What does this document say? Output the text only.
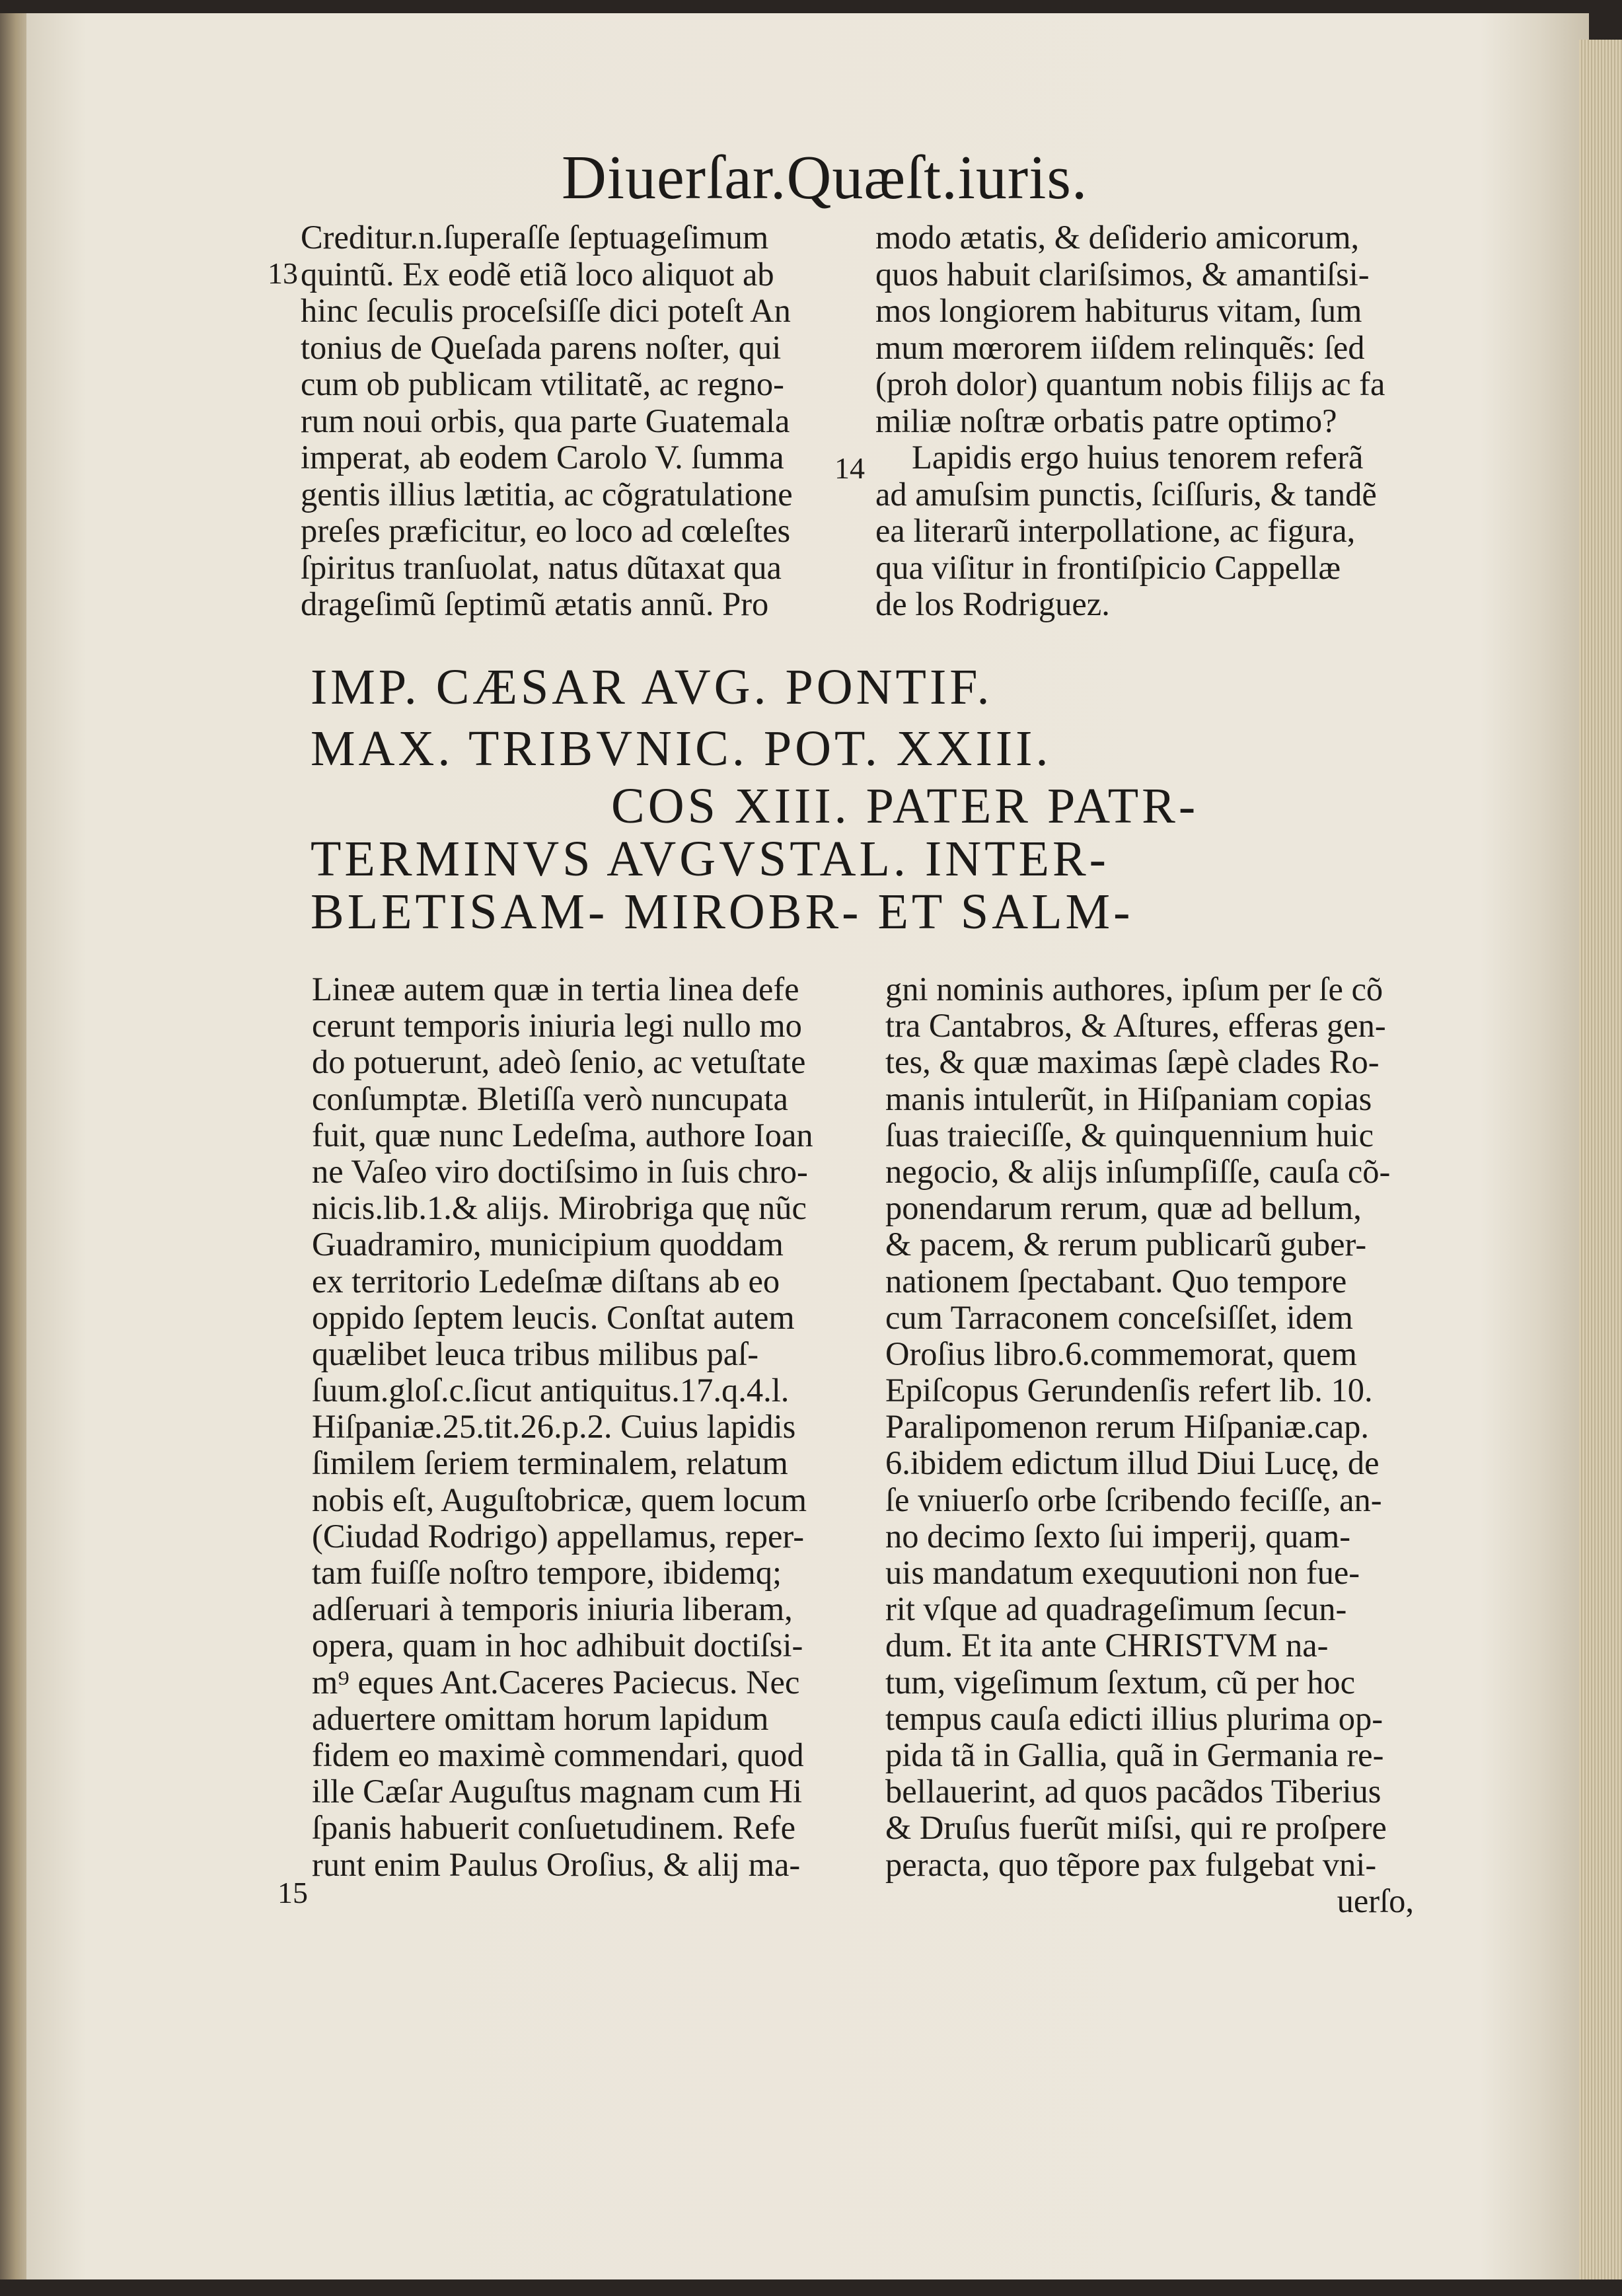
Diuerſar.Quæſt.iuris.
13
14
15
Creditur.n.ſuperaſſe ſeptuageſimum
quintũ. Ex eodẽ etiã loco aliquot ab
hinc ſeculis proceſsiſſe dici poteſt An
tonius de Queſada parens noſter, qui
cum ob publicam vtilitatẽ, ac regno-
rum noui orbis, qua parte Guatemala
imperat, ab eodem Carolo V. ſumma
gentis illius lætitia, ac cõgratulatione
preſes præficitur, eo loco ad cœleſtes
ſpiritus tranſuolat, natus dũtaxat qua
drageſimũ ſeptimũ ætatis annũ. Pro
modo ætatis, & deſiderio amicorum,
quos habuit clariſsimos, & amantiſsi-
mos longiorem habiturus vitam, ſum
mum mœrorem iiſdem relinquẽs: ſed
(proh dolor) quantum nobis filijs ac fa
miliæ noſtræ orbatis patre optimo?
Lapidis ergo huius tenorem referã
ad amuſsim punctis, ſciſſuris, & tandẽ
ea literarũ interpollatione, ac figura,
qua viſitur in frontiſpicio Cappellæ
de los Rodriguez.
IMP. CÆSAR AVG. PONTIF.
MAX. TRIBVNIC. POT. XXIII.
COS XIII. PATER PATR-
TERMINVS AVGVSTAL. INTER-
BLETISAM- MIROBR- ET SALM-
Lineæ autem quæ in tertia linea defe
cerunt temporis iniuria legi nullo mo
do potuerunt, adeò ſenio, ac vetuſtate
conſumptæ. Bletiſſa verò nuncupata
fuit, quæ nunc Ledeſma, authore Ioan
ne Vaſeo viro doctiſsimo in ſuis chro-
nicis.lib.1.& alijs. Mirobriga quę nũc
Guadramiro, municipium quoddam
ex territorio Ledeſmæ diſtans ab eo
oppido ſeptem leucis. Conſtat autem
quælibet leuca tribus milibus paſ-
ſuum.gloſ.c.ſicut antiquitus.17.q.4.l.
Hiſpaniæ.25.tit.26.p.2. Cuius lapidis
ſimilem ſeriem terminalem, relatum
nobis eſt, Auguſtobricæ, quem locum
(Ciudad Rodrigo) appellamus, reper-
tam fuiſſe noſtro tempore, ibidemq;
adſeruari à temporis iniuria liberam,
opera, quam in hoc adhibuit doctiſsi-
m⁹ eques Ant.Caceres Paciecus. Nec
aduertere omittam horum lapidum
fidem eo maximè commendari, quod
ille Cæſar Auguſtus magnam cum Hi
ſpanis habuerit conſuetudinem. Refe
runt enim Paulus Oroſius, & alij ma-
gni nominis authores, ipſum per ſe cõ
tra Cantabros, & Aſtures, efferas gen-
tes, & quæ maximas ſæpè clades Ro-
manis intulerũt, in Hiſpaniam copias
ſuas traieciſſe, & quinquennium huic
negocio, & alijs inſumpſiſſe, cauſa cõ-
ponendarum rerum, quæ ad bellum,
& pacem, & rerum publicarũ guber-
nationem ſpectabant. Quo tempore
cum Tarraconem conceſsiſſet, idem
Oroſius libro.6.commemorat, quem
Epiſcopus Gerundenſis refert lib. 10.
Paralipomenon rerum Hiſpaniæ.cap.
6.ibidem edictum illud Diui Lucę, de
ſe vniuerſo orbe ſcribendo feciſſe, an-
no decimo ſexto ſui imperij, quam-
uis mandatum exequutioni non fue-
rit vſque ad quadrageſimum ſecun-
dum. Et ita ante CHRISTVM na-
tum, vigeſimum ſextum, cũ per hoc
tempus cauſa edicti illius plurima op-
pida tã in Gallia, quã in Germania re-
bellauerint, ad quos pacãdos Tiberius
& Druſus fuerũt miſsi, qui re proſpere
peracta, quo tẽpore pax fulgebat vni-
uerſo,
